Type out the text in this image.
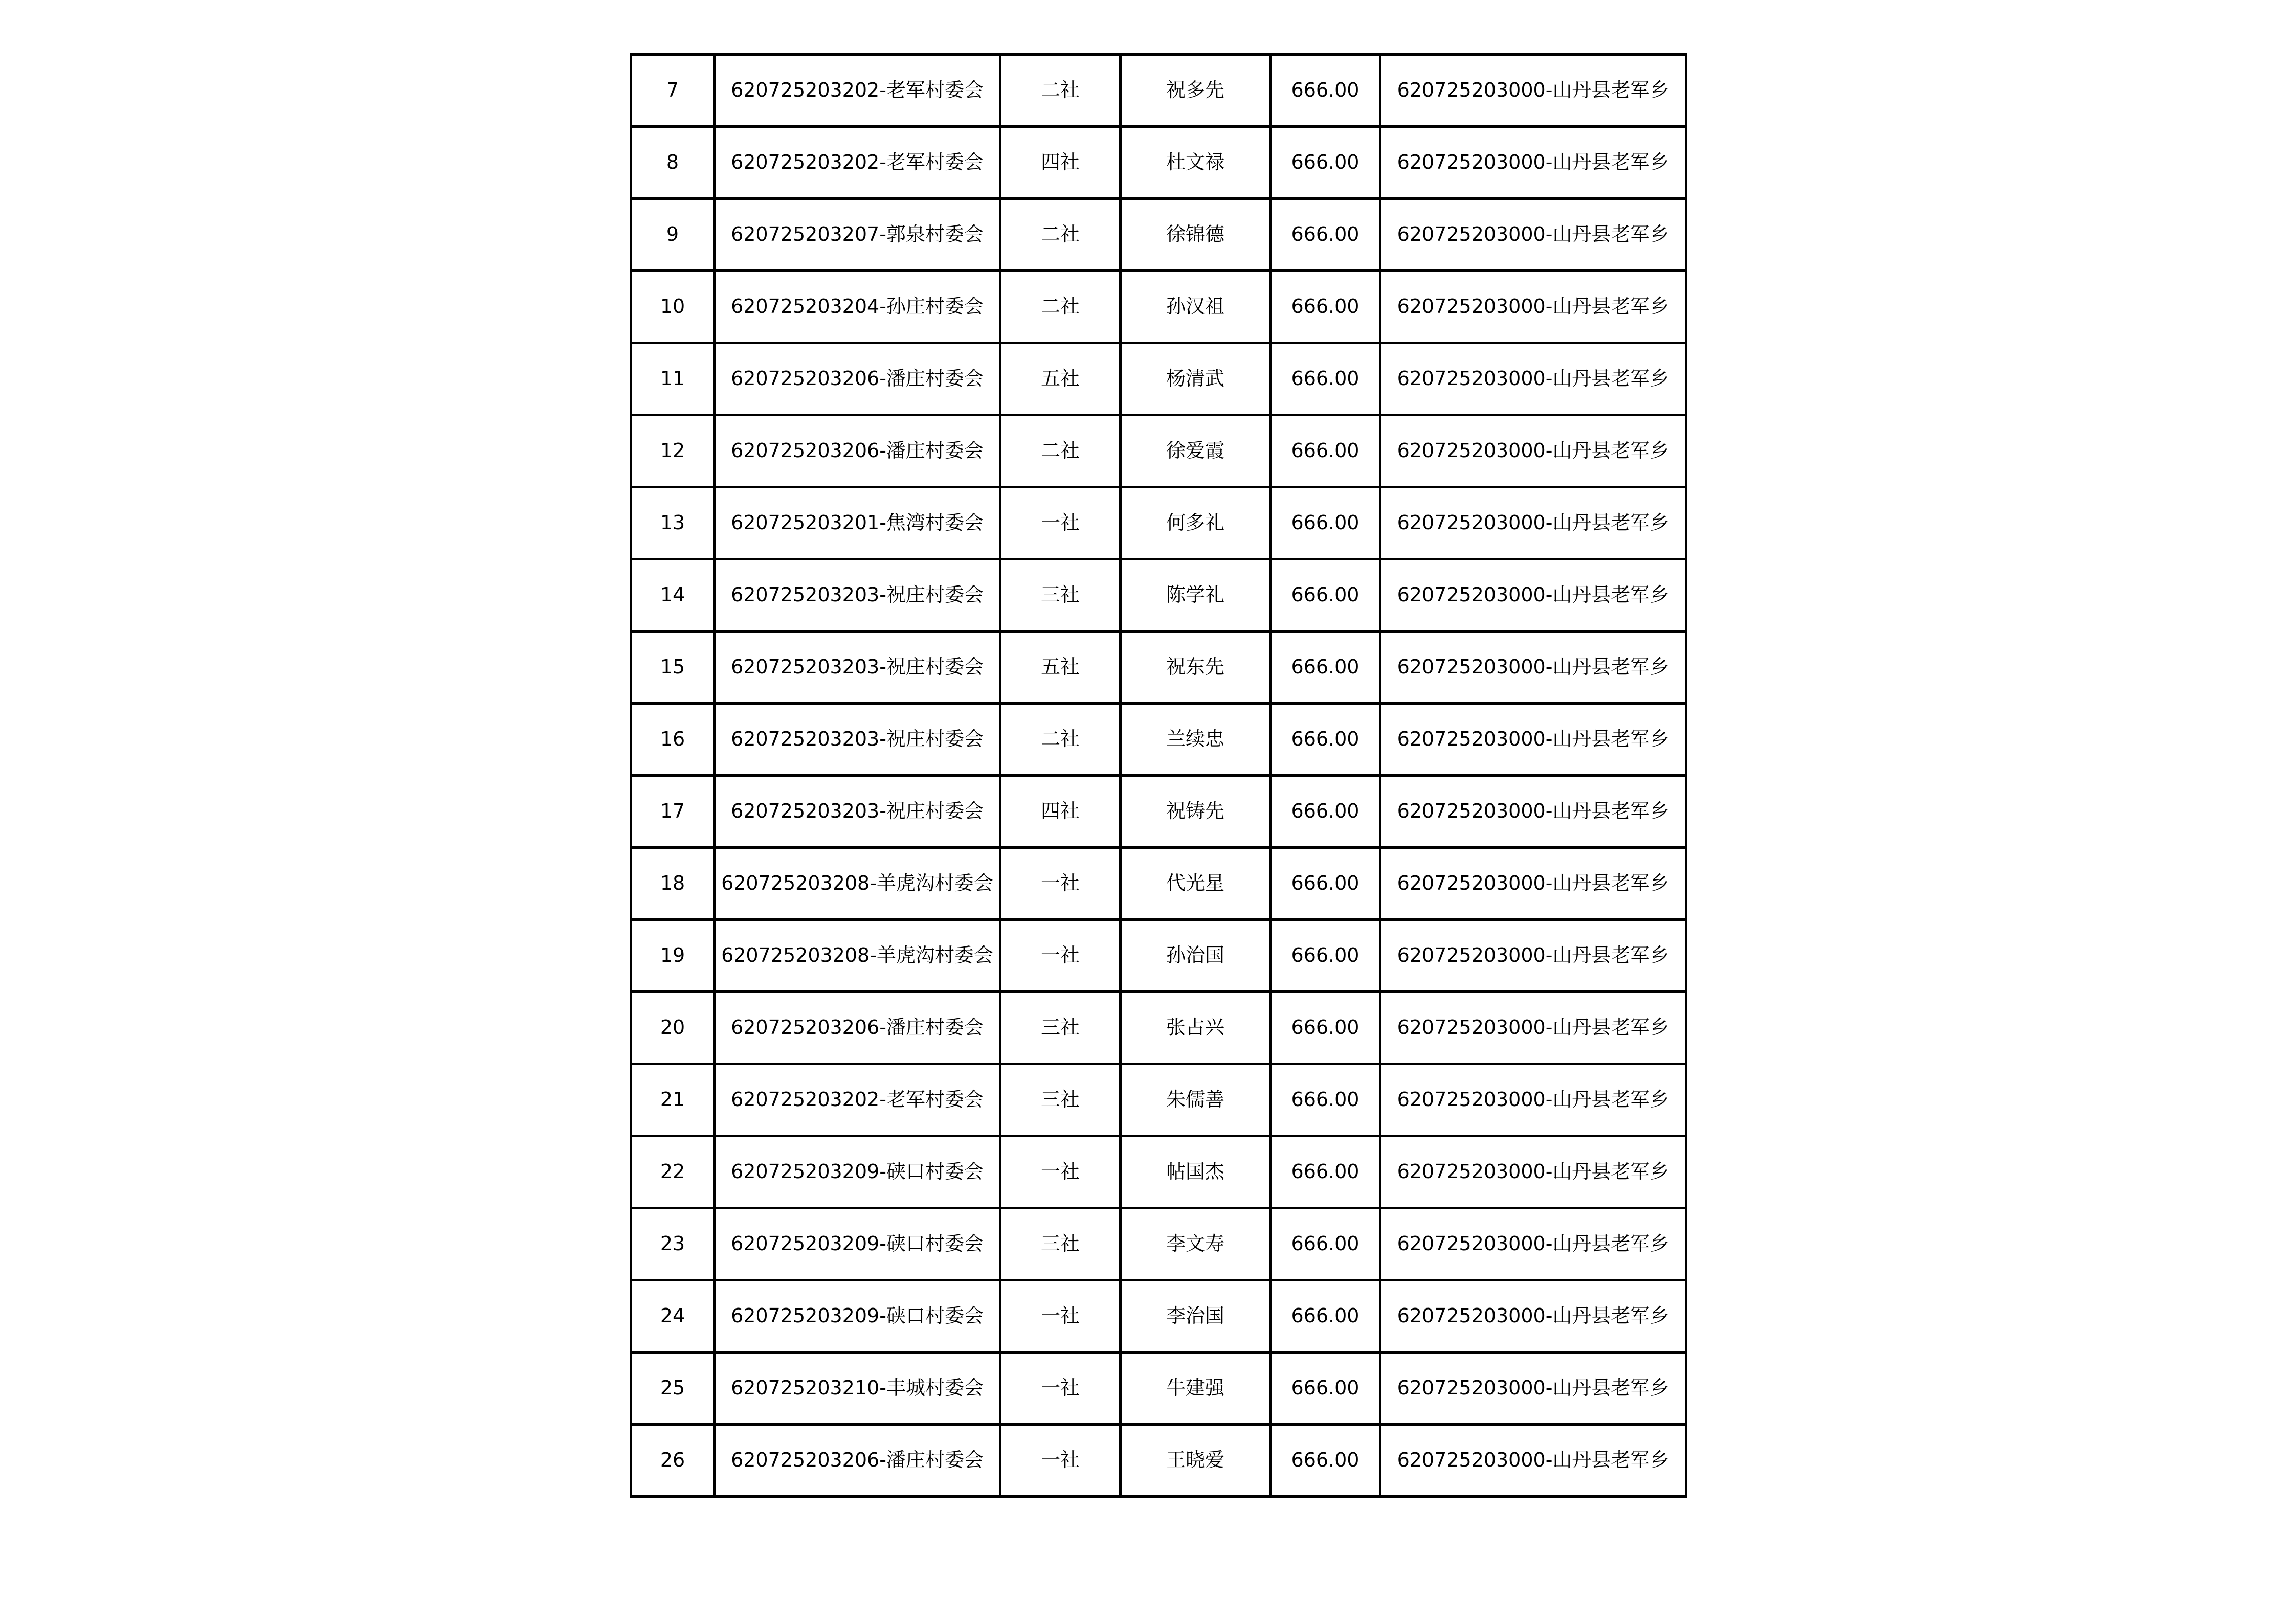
7	620725203202-老军村委会	二社	祝多先	666.00	620725203000-山丹县老军乡
8	620725203202-老军村委会	四社	杜文禄	666.00	620725203000-山丹县老军乡
9	620725203207-郭泉村委会	二社	徐锦德	666.00	620725203000-山丹县老军乡
10	620725203204-孙庄村委会	二社	孙汉祖	666.00	620725203000-山丹县老军乡
11	620725203206-潘庄村委会	五社	杨清武	666.00	620725203000-山丹县老军乡
12	620725203206-潘庄村委会	二社	徐爱霞	666.00	620725203000-山丹县老军乡
13	620725203201-焦湾村委会	一社	何多礼	666.00	620725203000-山丹县老军乡
14	620725203203-祝庄村委会	三社	陈学礼	666.00	620725203000-山丹县老军乡
15	620725203203-祝庄村委会	五社	祝东先	666.00	620725203000-山丹县老军乡
16	620725203203-祝庄村委会	二社	兰续忠	666.00	620725203000-山丹县老军乡
17	620725203203-祝庄村委会	四社	祝铸先	666.00	620725203000-山丹县老军乡
18	620725203208-羊虎沟村委会	一社	代光星	666.00	620725203000-山丹县老军乡
19	620725203208-羊虎沟村委会	一社	孙治国	666.00	620725203000-山丹县老军乡
20	620725203206-潘庄村委会	三社	张占兴	666.00	620725203000-山丹县老军乡
21	620725203202-老军村委会	三社	朱儒善	666.00	620725203000-山丹县老军乡
22	620725203209-硖口村委会	一社	帖国杰	666.00	620725203000-山丹县老军乡
23	620725203209-硖口村委会	三社	李文寿	666.00	620725203000-山丹县老军乡
24	620725203209-硖口村委会	一社	李治国	666.00	620725203000-山丹县老军乡
25	620725203210-丰城村委会	一社	牛建强	666.00	620725203000-山丹县老军乡
26	620725203206-潘庄村委会	一社	王晓爱	666.00	620725203000-山丹县老军乡
